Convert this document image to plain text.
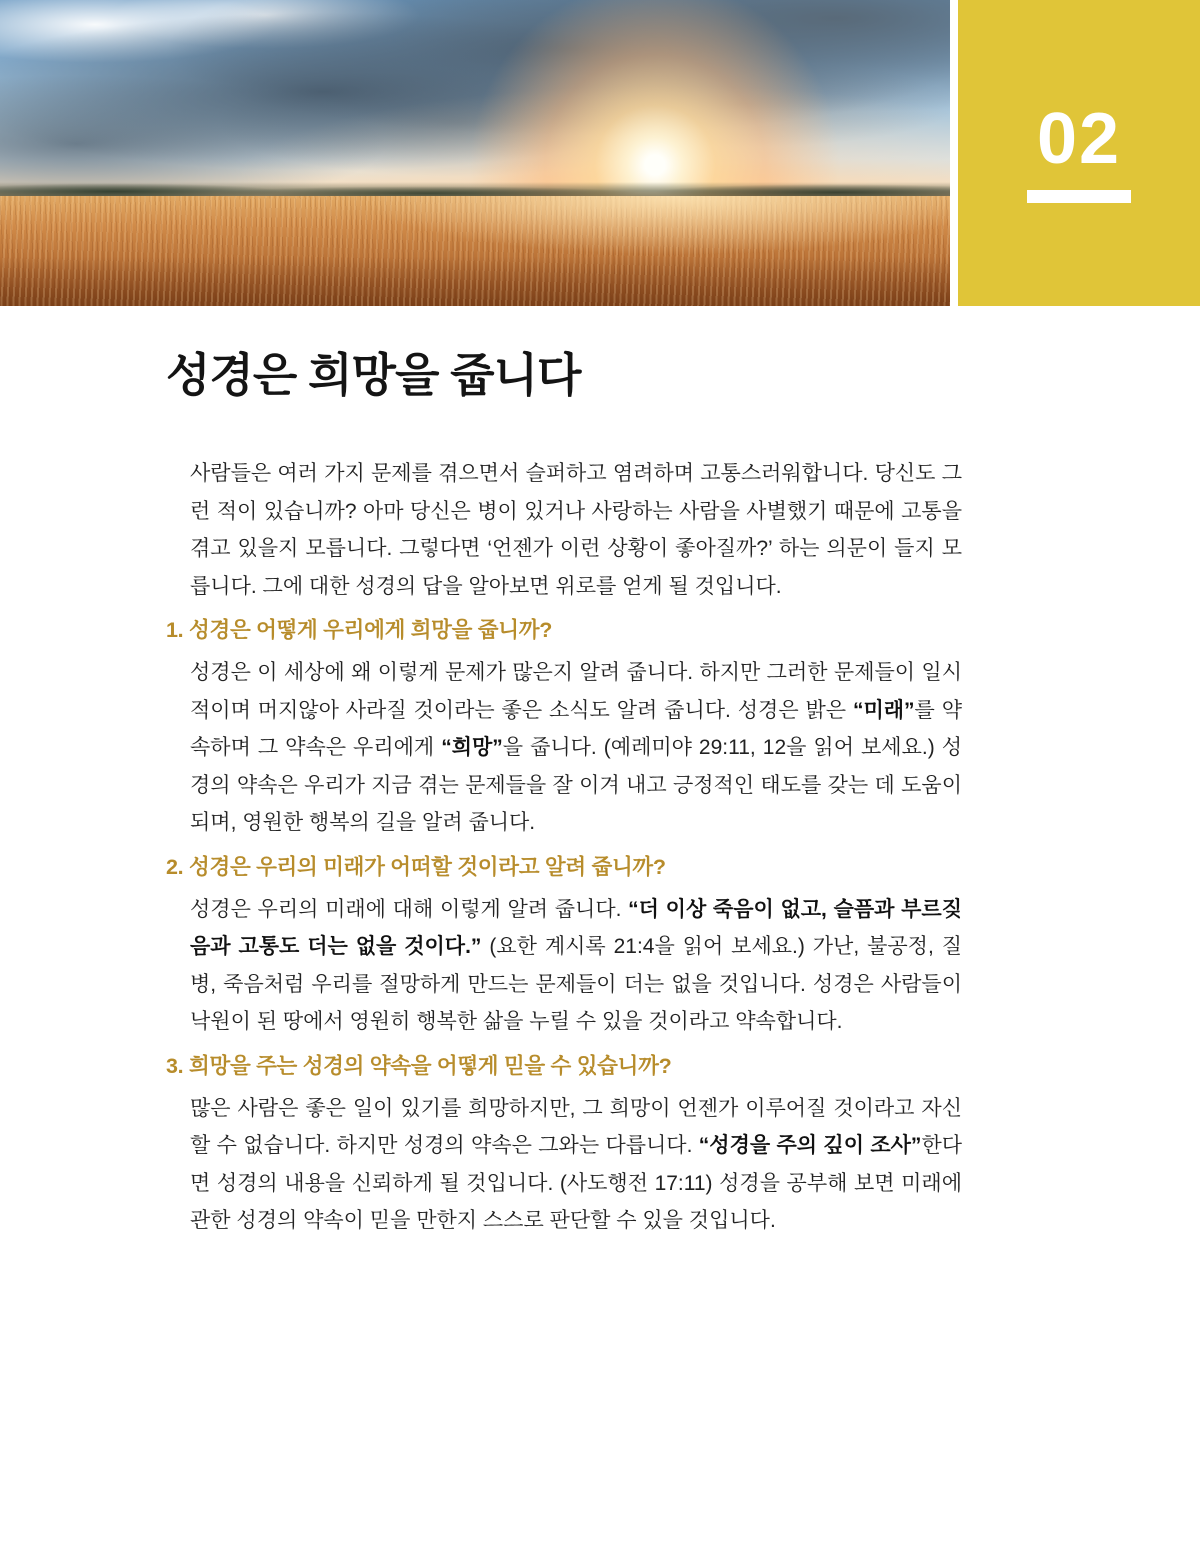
02
성경은 희망을 줍니다

사람들은 여러 가지 문제를 겪으면서 슬퍼하고 염려하며 고통스러워합니다. 당신도 그런 적이 있습니까? 아마 당신은 병이 있거나 사랑하는 사람을 사별했기 때문에 고통을 겪고 있을지 모릅니다. 그렇다면 ‘언젠가 이런 상황이 좋아질까?’ 하는 의문이 들지 모릅니다. 그에 대한 성경의 답을 알아보면 위로를 얻게 될 것입니다.

1. 성경은 어떻게 우리에게 희망을 줍니까?

성경은 이 세상에 왜 이렇게 문제가 많은지 알려 줍니다. 하지만 그러한 문제들이 일시적이며 머지않아 사라질 것이라는 좋은 소식도 알려 줍니다. 성경은 밝은 “미래”를 약속하며 그 약속은 우리에게 “희망”을 줍니다. (예레미야 29:11, 12을 읽어 보세요.) 성경의 약속은 우리가 지금 겪는 문제들을 잘 이겨 내고 긍정적인 태도를 갖는 데 도움이 되며, 영원한 행복의 길을 알려 줍니다.

2. 성경은 우리의 미래가 어떠할 것이라고 알려 줍니까?

성경은 우리의 미래에 대해 이렇게 알려 줍니다. “더 이상 죽음이 없고, 슬픔과 부르짖음과 고통도 더는 없을 것이다.” (요한 계시록 21:4을 읽어 보세요.) 가난, 불공정, 질병, 죽음처럼 우리를 절망하게 만드는 문제들이 더는 없을 것입니다. 성경은 사람들이 낙원이 된 땅에서 영원히 행복한 삶을 누릴 수 있을 것이라고 약속합니다.

3. 희망을 주는 성경의 약속을 어떻게 믿을 수 있습니까?

많은 사람은 좋은 일이 있기를 희망하지만, 그 희망이 언젠가 이루어질 것이라고 자신할 수 없습니다. 하지만 성경의 약속은 그와는 다릅니다. “성경을 주의 깊이 조사”한다면 성경의 내용을 신뢰하게 될 것입니다. (사도행전 17:11) 성경을 공부해 보면 미래에 관한 성경의 약속이 믿을 만한지 스스로 판단할 수 있을 것입니다.
